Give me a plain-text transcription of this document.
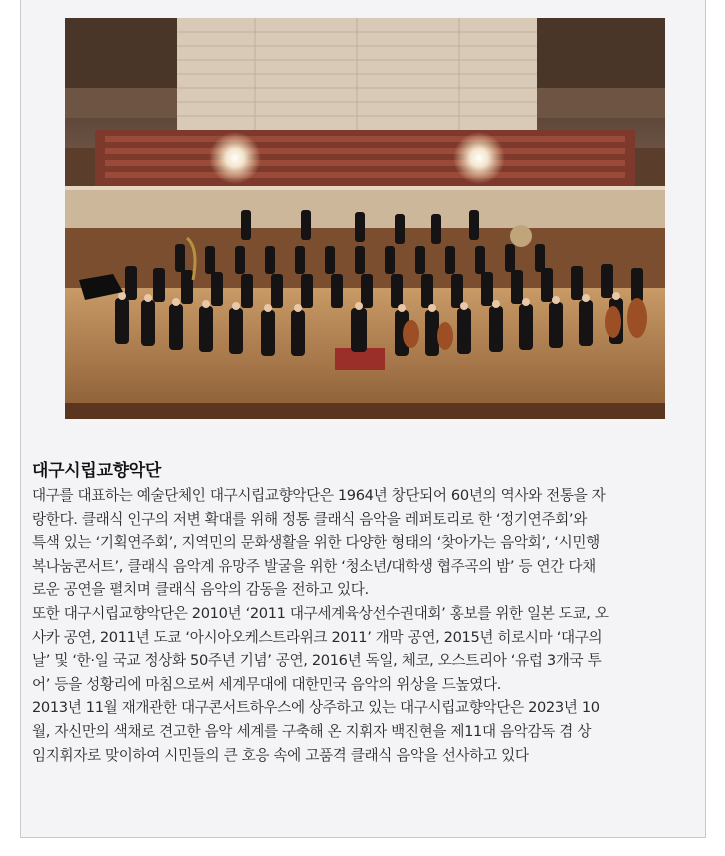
대구시립교향악단
대구를 대표하는 예술단체인 대구시립교향악단은 1964년 창단되어 60년의 역사와 전통을 자
랑한다. 클래식 인구의 저변 확대를 위해 정통 클래식 음악을 레퍼토리로 한 ‘정기연주회’와
특색 있는 ‘기획연주회’, 지역민의 문화생활을 위한 다양한 형태의 ‘찾아가는 음악회’, ‘시민행
복나눔콘서트’, 클래식 음악계 유망주 발굴을 위한 ‘청소년/대학생 협주곡의 밤’ 등 연간 다채
로운 공연을 펼치며 클래식 음악의 감동을 전하고 있다.
또한 대구시립교향악단은 2010년 ‘2011 대구세계육상선수권대회’ 홍보를 위한 일본 도쿄, 오
사카 공연, 2011년 도쿄 ‘아시아오케스트라위크 2011’ 개막 공연, 2015년 히로시마 ‘대구의
날’ 및 ‘한·일 국교 정상화 50주년 기념’ 공연, 2016년 독일, 체코, 오스트리아 ‘유럽 3개국 투
어’ 등을 성황리에 마침으로써 세계무대에 대한민국 음악의 위상을 드높였다.
2013년 11월 재개관한 대구콘서트하우스에 상주하고 있는 대구시립교향악단은 2023년 10
월, 자신만의 색채로 견고한 음악 세계를 구축해 온 지휘자 백진현을 제11대 음악감독 겸 상
임지휘자로 맞이하여 시민들의 큰 호응 속에 고품격 클래식 음악을 선사하고 있다
